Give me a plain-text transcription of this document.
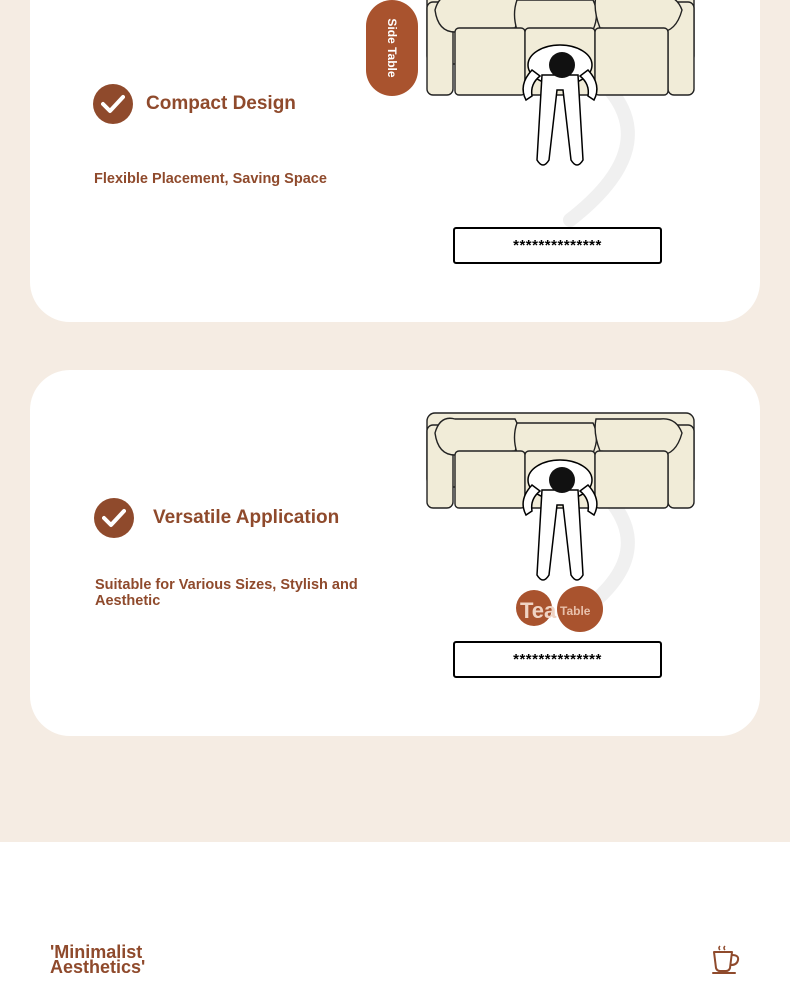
Compact Design
Flexible Placement, Saving Space
Side Table
**************
Versatile Application
Suitable for Various Sizes, Stylish and Aesthetic	Tea Table
**************
'Minimalist Aesthetics'
